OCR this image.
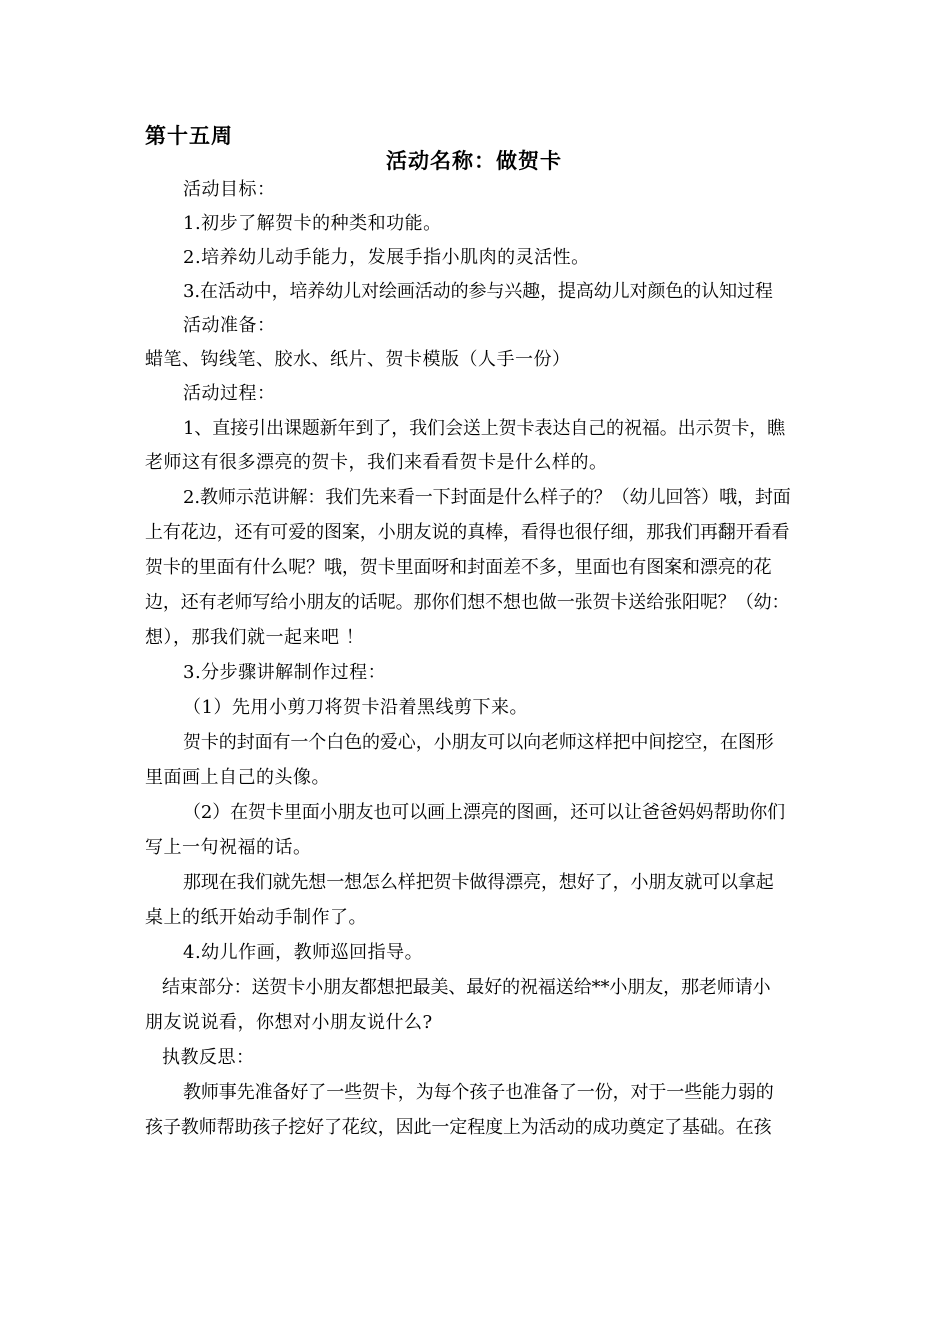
第十五周
活动名称：做贺卡
活动目标：
1.初步了解贺卡的种类和功能。
2.培养幼儿动手能力，发展手指小肌肉的灵活性。
3.在活动中，培养幼儿对绘画活动的参与兴趣，提高幼儿对颜色的认知过程
活动准备：
蜡笔、钩线笔、胶水、纸片、贺卡模版（人手一份）
活动过程：
1、直接引出课题新年到了，我们会送上贺卡表达自己的祝福。出示贺卡，瞧
老师这有很多漂亮的贺卡，我们来看看贺卡是什么样的。
2.教师示范讲解：我们先来看一下封面是什么样子的？（幼儿回答）哦，封面
上有花边，还有可爱的图案，小朋友说的真棒，看得也很仔细，那我们再翻开看看
贺卡的里面有什么呢？哦，贺卡里面呀和封面差不多，里面也有图案和漂亮的花
边，还有老师写给小朋友的话呢。那你们想不想也做一张贺卡送给张阳呢？（幼：
想），那我们就一起来吧 ！
3.分步骤讲解制作过程：
（1）先用小剪刀将贺卡沿着黑线剪下来。
贺卡的封面有一个白色的爱心，小朋友可以向老师这样把中间挖空，在图形
里面画上自己的头像。
（2）在贺卡里面小朋友也可以画上漂亮的图画，还可以让爸爸妈妈帮助你们
写上一句祝福的话。
那现在我们就先想一想怎么样把贺卡做得漂亮，想好了，小朋友就可以拿起
桌上的纸开始动手制作了。
4.幼儿作画，教师巡回指导。
结束部分：送贺卡小朋友都想把最美、最好的祝福送给**小朋友，那老师请小
朋友说说看，你想对小朋友说什么?
执教反思：
教师事先准备好了一些贺卡，为每个孩子也准备了一份，对于一些能力弱的
孩子教师帮助孩子挖好了花纹，因此一定程度上为活动的成功奠定了基础。在孩
